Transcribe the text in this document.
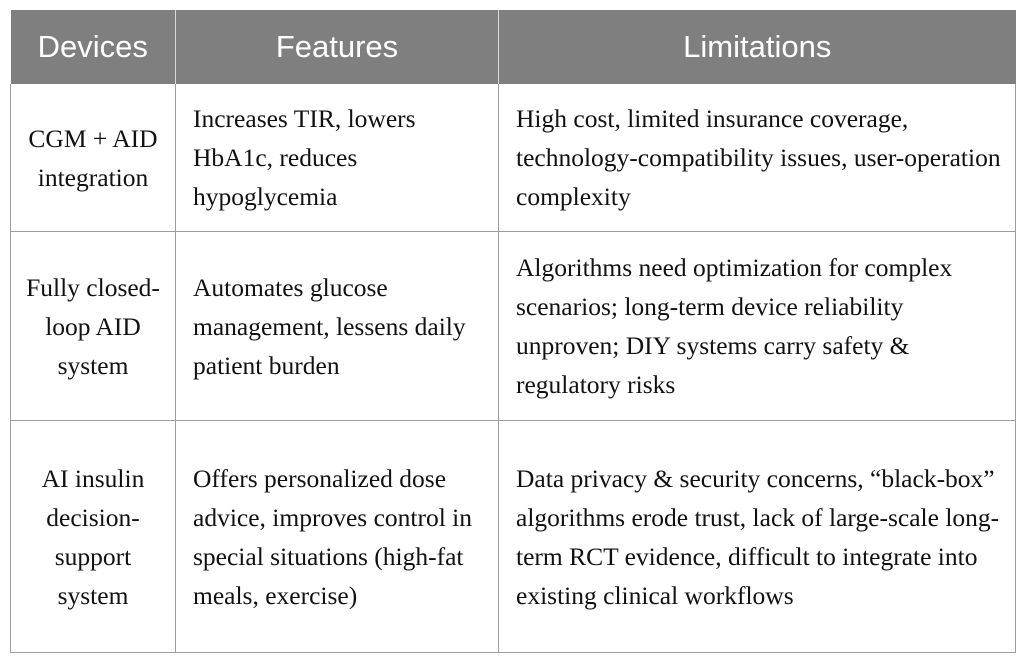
Devices	Features	Limitations
CGM + AID integration	Increases TIR, lowers HbA1c, reduces hypoglycemia	High cost, limited insurance coverage, technology-compatibility issues, user-operation complexity
Fully closed-loop AID system	Automates glucose management, lessens daily patient burden	Algorithms need optimization for complex scenarios; long-term device reliability unproven; DIY systems carry safety & regulatory risks
AI insulin decision-support system	Offers personalized dose advice, improves control in special situations (high-fat meals, exercise)	Data privacy & security concerns, “black-box” algorithms erode trust, lack of large-scale long-term RCT evidence, difficult to integrate into existing clinical workflows
